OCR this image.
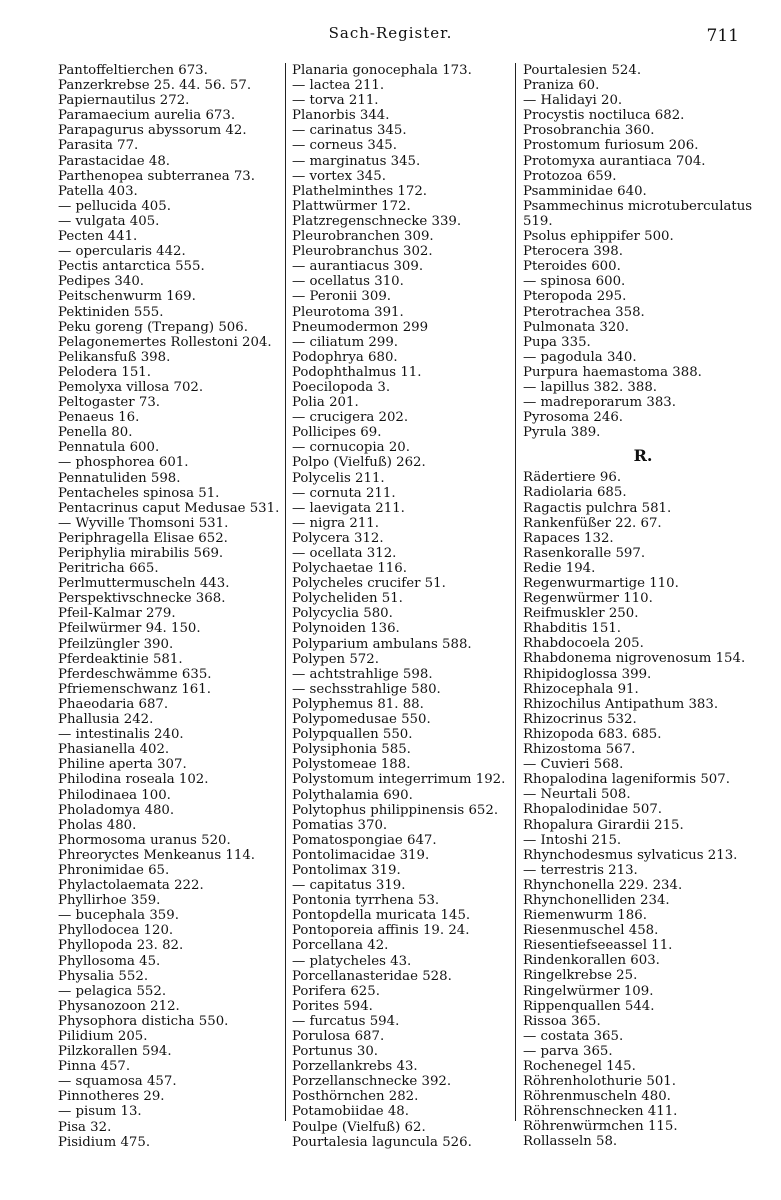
Sach-Register.	711
Pantoffeltierchen 673.
Panzerkrebse 25. 44. 56. 57.
Papiernautilus 272.
Paramaecium aurelia 673.
Parapagurus abyssorum 42.
Parasita 77.
Parastacidae 48.
Parthenopea subterranea 73.
Patella 403.
— pellucida 405.
— vulgata 405.
Pecten 441.
— opercularis 442.
Pectis antarctica 555.
Pedipes 340.
Peitschenwurm 169.
Pektiniden 555.
Peku goreng (Trepang) 506.
Pelagonemertes Rollestoni 204.
Pelikansfuß 398.
Pelodera 151.
Pemolyxa villosa 702.
Peltogaster 73.
Penaeus 16.
Penella 80.
Pennatula 600.
— phosphorea 601.
Pennatuliden 598.
Pentacheles spinosa 51.
Pentacrinus caput Medusae 531.
— Wyville Thomsoni 531.
Periphragella Elisae 652.
Periphylia mirabilis 569.
Peritricha 665.
Perlmuttermuscheln 443.
Perspektivschnecke 368.
Pfeil-Kalmar 279.
Pfeilwürmer 94. 150.
Pfeilzüngler 390.
Pferdeaktinie 581.
Pferdeschwämme 635.
Pfriemenschwanz 161.
Phaeodaria 687.
Phallusia 242.
— intestinalis 240.
Phasianella 402.
Philine aperta 307.
Philodina roseala 102.
Philodinaea 100.
Pholadomya 480.
Pholas 480.
Phormosoma uranus 520.
Phreoryctes Menkeanus 114.
Phronimidae 65.
Phylactolaemata 222.
Phyllirhoe 359.
— bucephala 359.
Phyllodocea 120.
Phyllopoda 23. 82.
Phyllosoma 45.
Physalia 552.
— pelagica 552.
Physanozoon 212.
Physophora disticha 550.
Pilidium 205.
Pilzkorallen 594.
Pinna 457.
— squamosa 457.
Pinnotheres 29.
— pisum 13.
Pisa 32.
Pisidium 475.
Planaria gonocephala 173.
— lactea 211.
— torva 211.
Planorbis 344.
— carinatus 345.
— corneus 345.
— marginatus 345.
— vortex 345.
Plathelminthes 172.
Plattwürmer 172.
Platzregenschnecke 339.
Pleurobranchen 309.
Pleurobranchus 302.
— aurantiacus 309.
— ocellatus 310.
— Peronii 309.
Pleurotoma 391.
Pneumodermon 299
— ciliatum 299.
Podophrya 680.
Podophthalmus 11.
Poecilopoda 3.
Polia 201.
— crucigera 202.
Pollicipes 69.
— cornucopia 20.
Polpo (Vielfuß) 262.
Polycelis 211.
— cornuta 211.
— laevigata 211.
— nigra 211.
Polycera 312.
— ocellata 312.
Polychaetae 116.
Polycheles crucifer 51.
Polycheliden 51.
Polycyclia 580.
Polynoiden 136.
Polyparium ambulans 588.
Polypen 572.
— achtstrahlige 598.
— sechsstrahlige 580.
Polyphemus 81. 88.
Polypomedusae 550.
Polypquallen 550.
Polysiphonia 585.
Polystomeae 188.
Polystomum integerrimum 192.
Polythalamia 690.
Polytophus philippinensis 652.
Pomatias 370.
Pomatospongiae 647.
Pontolimacidae 319.
Pontolimax 319.
— capitatus 319.
Pontonia tyrrhena 53.
Pontopdella muricata 145.
Pontoporeia affinis 19. 24.
Porcellana 42.
— platycheles 43.
Porcellanasteridae 528.
Porifera 625.
Porites 594.
— furcatus 594.
Porulosa 687.
Portunus 30.
Porzellankrebs 43.
Porzellanschnecke 392.
Posthörnchen 282.
Potamobiidae 48.
Poulpe (Vielfuß) 62.
Pourtalesia laguncula 526.
Pourtalesien 524.
Praniza 60.
— Halidayi 20.
Procystis noctiluca 682.
Prosobranchia 360.
Prostomum furiosum 206.
Protomyxa aurantiaca 704.
Protozoa 659.
Psamminidae 640.
Psammechinus microtuberculatus 519.
Psolus ephippifer 500.
Pterocera 398.
Pteroides 600.
— spinosa 600.
Pteropoda 295.
Pterotrachea 358.
Pulmonata 320.
Pupa 335.
— pagodula 340.
Purpura haemastoma 388.
— lapillus 382. 388.
— madreporarum 383.
Pyrosoma 246.
Pyrula 389.
R.
Rädertiere 96.
Radiolaria 685.
Ragactis pulchra 581.
Rankenfüßer 22. 67.
Rapaces 132.
Rasenkoralle 597.
Redie 194.
Regenwurmartige 110.
Regenwürmer 110.
Reifmuskler 250.
Rhabditis 151.
Rhabdocoela 205.
Rhabdonema nigrovenosum 154.
Rhipidoglossa 399.
Rhizocephala 91.
Rhizochilus Antipathum 383.
Rhizocrinus 532.
Rhizopoda 683. 685.
Rhizostoma 567.
— Cuvieri 568.
Rhopalodina lageniformis 507.
— Neurtali 508.
Rhopalodinidae 507.
Rhopalura Girardii 215.
— Intoshi 215.
Rhynchodesmus sylvaticus 213.
— terrestris 213.
Rhynchonella 229. 234.
Rhynchonelliden 234.
Riemenwurm 186.
Riesenmuschel 458.
Riesentiefseeassel 11.
Rindenkorallen 603.
Ringelkrebse 25.
Ringelwürmer 109.
Rippenquallen 544.
Rissoa 365.
— costata 365.
— parva 365.
Rochenegel 145.
Röhrenholothurie 501.
Röhrenmuscheln 480.
Röhrenschnecken 411.
Röhrenwürmchen 115.
Rollasseln 58.
